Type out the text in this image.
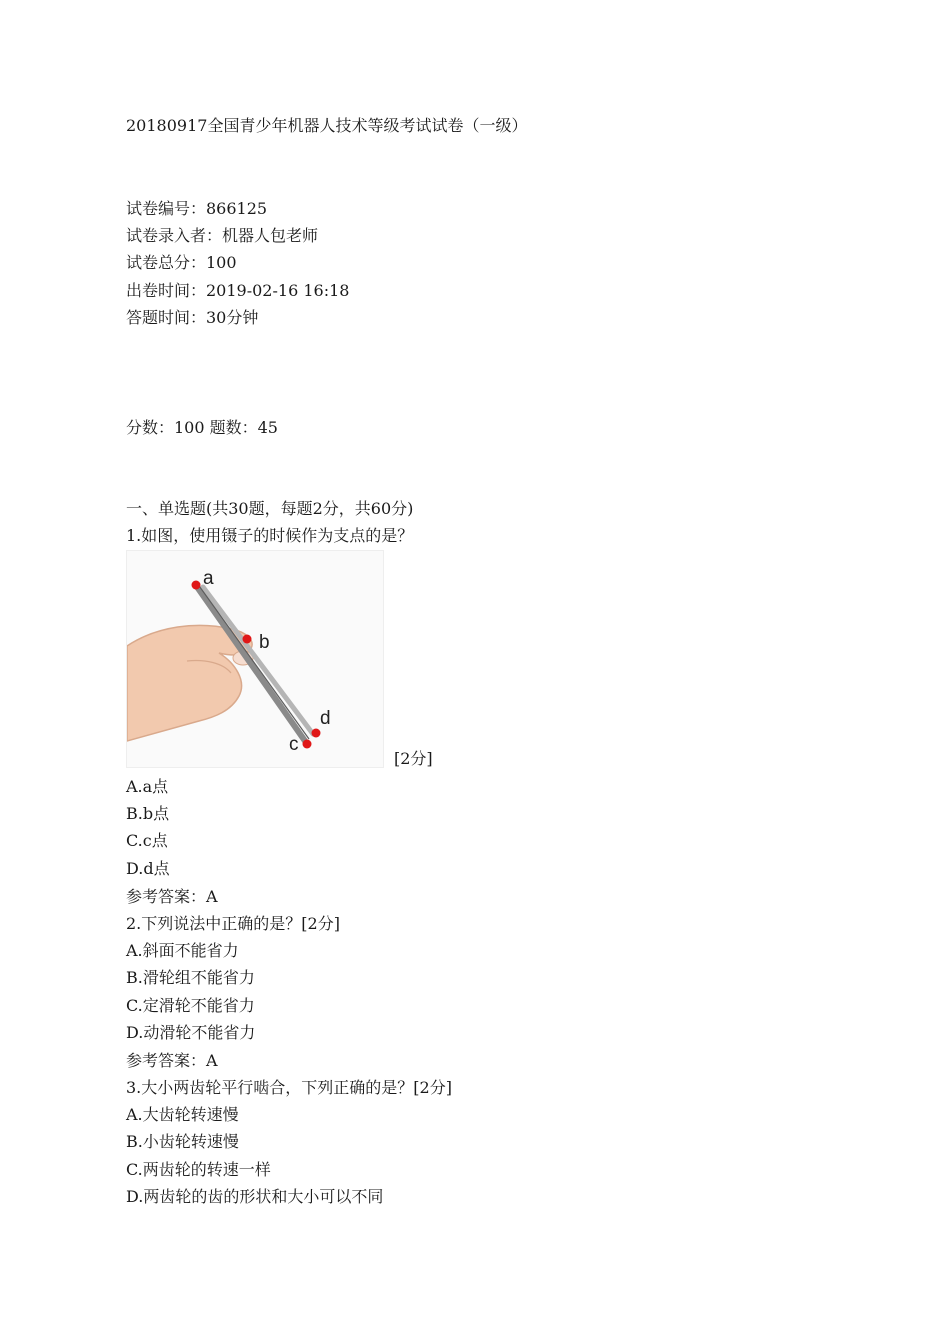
20180917全国青少年机器人技术等级考试试卷（一级）
试卷编号：866125
试卷录入者：机器人包老师
试卷总分：100
出卷时间：2019-02-16 16:18
答题时间：30分钟
分数：100 题数：45
一、单选题(共30题，每题2分，共60分)
1.如图，使用镊子的时候作为支点的是？
a
b
c
d
[2分]
A.a点
B.b点
C.c点
D.d点
参考答案：A
2.下列说法中正确的是？[2分]
A.斜面不能省力
B.滑轮组不能省力
C.定滑轮不能省力
D.动滑轮不能省力
参考答案：A
3.大小两齿轮平行啮合，下列正确的是？[2分]
A.大齿轮转速慢
B.小齿轮转速慢
C.两齿轮的转速一样
D.两齿轮的齿的形状和大小可以不同
